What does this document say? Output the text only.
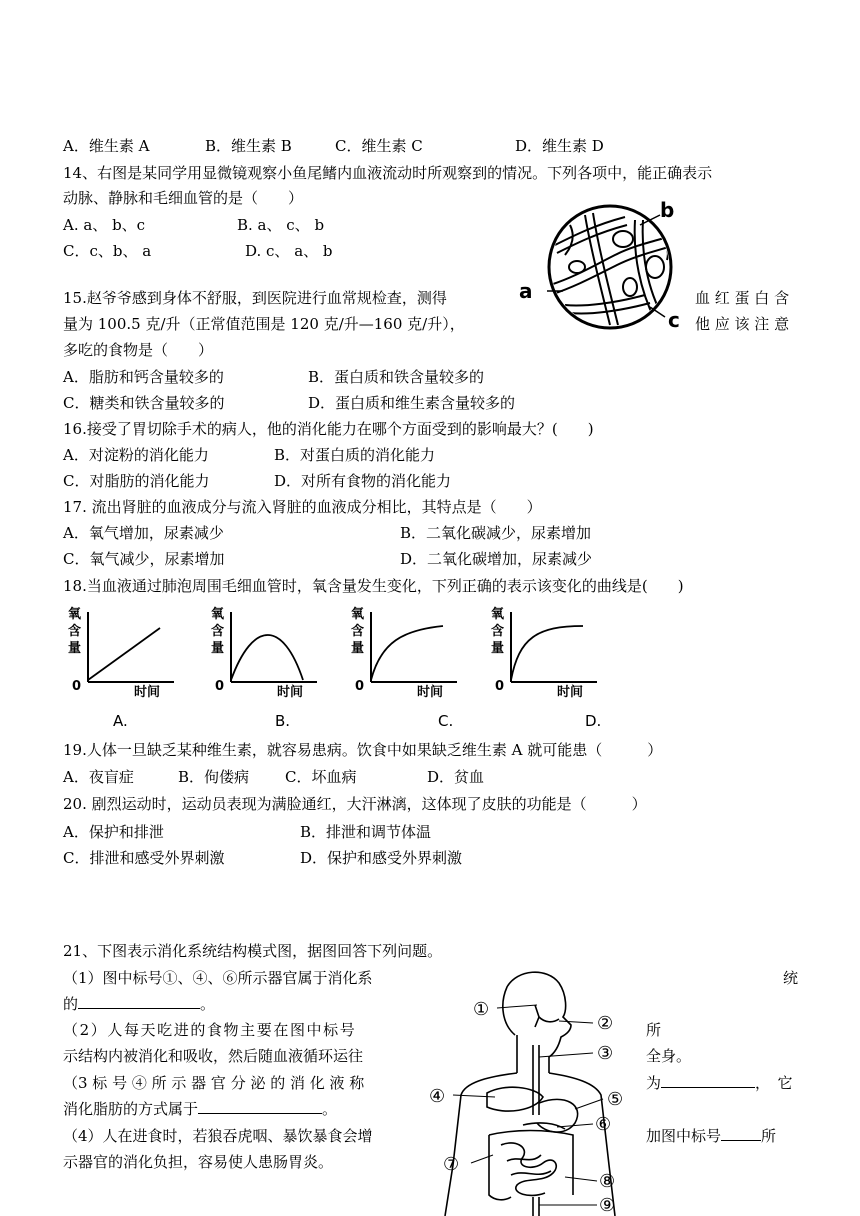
A．维生素 A	B．维生素 B	C．维生素 C	D．维生素 D
14、右图是某同学用显微镜观察小鱼尾鳍内血液流动时所观察到的情况。下列各项中，能正确表示
动脉、静脉和毛细血管的是（　　）
A. a、 b、c	B. a、 c、 b
C．c、b、 a	D. c、 a、 b
b
a
c
15.赵爷爷感到身体不舒服，到医院进行血常规检查，测得	血 红 蛋 白 含
量为 100.5 克/升（正常值范围是 120 克/升—160 克/升），	他 应 该 注 意
多吃的食物是（　　）
A．脂肪和钙含量较多的	B．蛋白质和铁含量较多的
C．糖类和铁含量较多的	D．蛋白质和维生素含量较多的
16.接受了胃切除手术的病人，他的消化能力在哪个方面受到的影响最大？(　　)
A．对淀粉的消化能力	B．对蛋白质的消化能力
C．对脂肪的消化能力	D．对所有食物的消化能力
17. 流出肾脏的血液成分与流入肾脏的血液成分相比，其特点是（　　）
A．氧气增加，尿素减少	B．二氧化碳减少，尿素增加
C．氧气减少，尿素增加	D．二氧化碳增加，尿素减少
18.当血液通过肺泡周围毛细血管时，氧含量发生变化，下列正确的表示该变化的曲线是(　　)
氧
含
量
0	时间
A.
氧
含
量
0	时间
B.
氧
含
量
0	时间
C.
氧
含
量
0	时间
D.
19.人体一旦缺乏某种维生素，就容易患病。饮食中如果缺乏维生素 A 就可能患（　　　）
A．夜盲症	B．佝偻病 C．坏血病	D．贫血
20. 剧烈运动时，运动员表现为满脸通红，大汗淋漓，这体现了皮肤的功能是（　　　）
A．保护和排泄	B．排泄和调节体温
C．排泄和感受外界刺激	D．保护和感受外界刺激
21、下图表示消化系统结构模式图，据图回答下列问题。
（1）图中标号①、④、⑥所示器官属于消化系	统
的	。
（2）人每天吃进的食物主要在图中标号	所
示结构内被消化和吸收，然后随血液循环运往	全身。
（3 标 号 ④ 所 示 器 官 分 泌 的 消 化 液 称	为	，　它
消化脂肪的方式属于	。
（4）人在进食时，若狼吞虎咽、暴饮暴食会增	加图中标号	所
示器官的消化负担，容易使人患肠胃炎。
①
②
③
④	⑤
⑥
⑦
⑧
⑨
